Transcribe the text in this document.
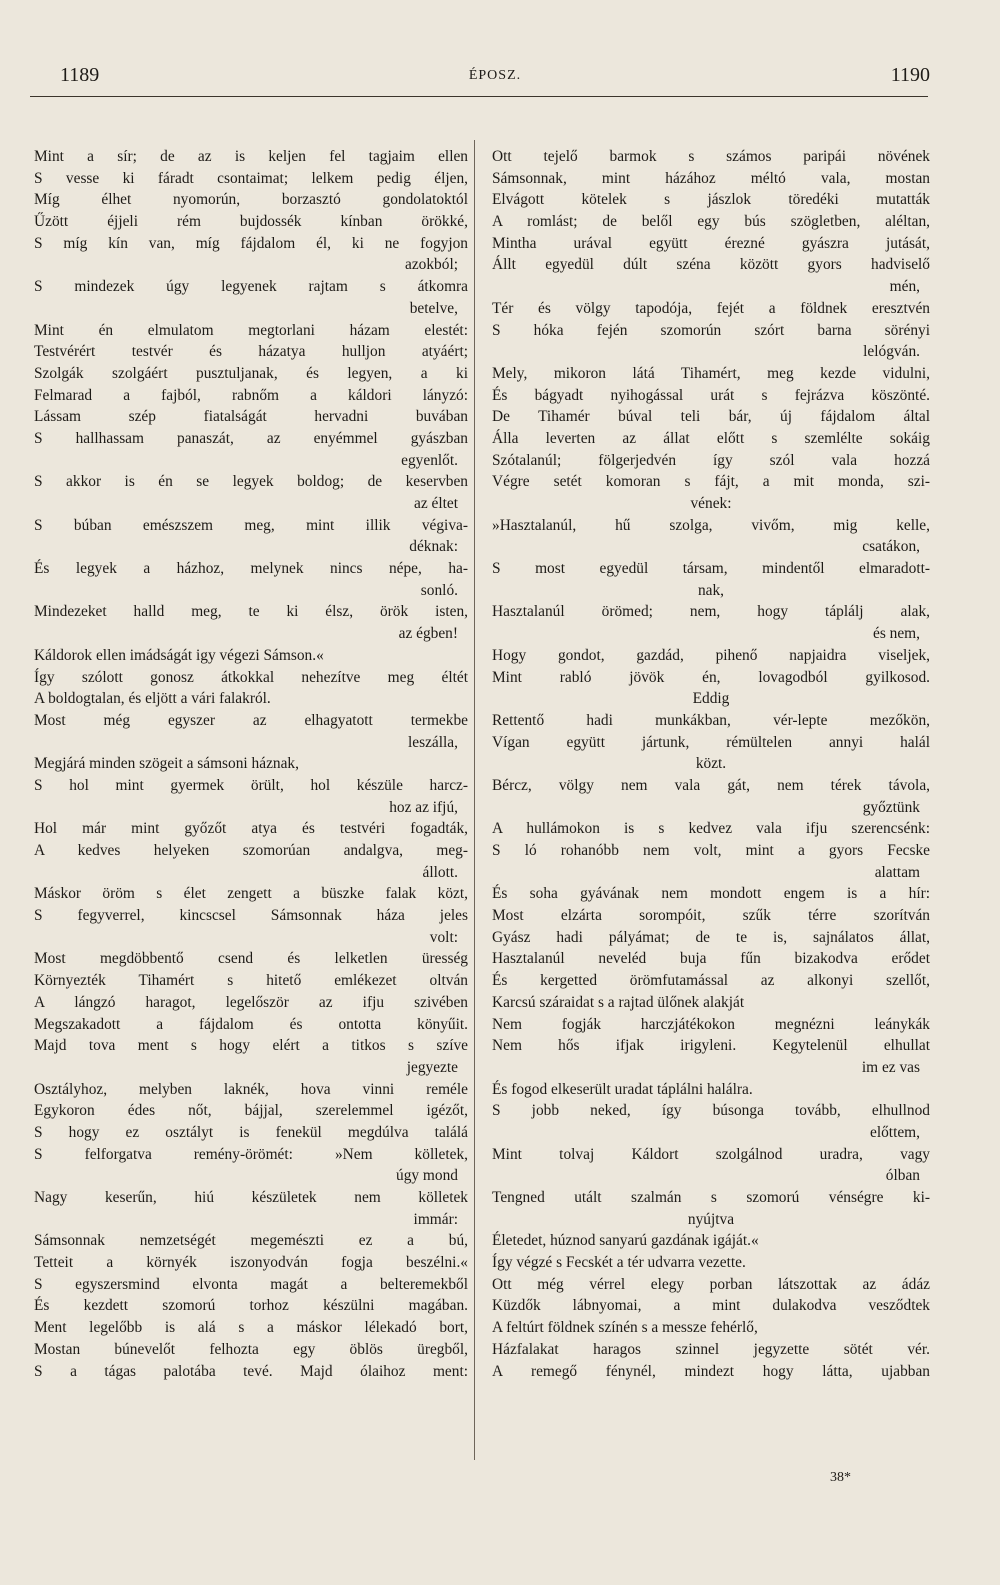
1189	ÉPOSZ.	1190
Mint a sír; de az is keljen fel tagjaim ellen
S vesse ki fáradt csontaimat; lelkem pedig éljen,
Míg élhet nyomorún, borzasztó gondolatoktól
Űzött éjjeli rém bujdossék kínban örökké,
S míg kín van, míg fájdalom él, ki ne fogyjon
azokból;
S mindezek úgy legyenek rajtam s átkomra
betelve,
Mint én elmulatom megtorlani házam elestét:
Testvérért testvér és házatya hulljon atyáért;
Szolgák szolgáért pusztuljanak, és legyen, a ki
Felmarad a fajból, rabnőm a káldori lányzó:
Lássam szép fiatalságát hervadni buvában
S hallhassam panaszát, az enyémmel gyászban
egyenlőt.
S akkor is én se legyek boldog; de keservben
az éltet
S búban emészszem meg, mint illik végiva-
déknak:
És legyek a házhoz, melynek nincs népe, ha-
sonló.
Mindezeket halld meg, te ki élsz, örök isten,
az égben!
Káldorok ellen imádságát igy végezi Sámson.«
Így szólott gonosz átkokkal nehezítve meg éltét
A boldogtalan, és eljött a vári falakról.
Most még egyszer az elhagyatott termekbe
leszálla,
Megjárá minden szögeit a sámsoni háznak,
S hol mint gyermek örült, hol készüle harcz-
hoz az ifjú,
Hol már mint győzőt atya és testvéri fogadták,
A kedves helyeken szomorúan andalgva, meg-
állott.
Máskor öröm s élet zengett a büszke falak közt,
S fegyverrel, kincscsel Sámsonnak háza jeles
volt:
Most megdöbbentő csend és lelketlen üresség
Környezték Tihamért s hitető emlékezet oltván
A lángzó haragot, legelőször az ifju szivében
Megszakadott a fájdalom és ontotta könyűit.
Majd tova ment s hogy elért a titkos s szíve
jegyezte
Osztályhoz, melyben laknék, hova vinni reméle
Egykoron édes nőt, bájjal, szerelemmel igézőt,
S hogy ez osztályt is fenekül megdúlva találá
S felforgatva remény-örömét: »Nem kölletek,
úgy mond
Nagy keserűn, hiú készületek nem kölletek
immár:
Sámsonnak nemzetségét megemészti ez a bú,
Tetteit a környék iszonyodván fogja beszélni.«
S egyszersmind elvonta magát a belteremekből
És kezdett szomorú torhoz készülni magában.
Ment legelőbb is alá s a máskor lélekadó bort,
Mostan búnevelőt felhozta egy öblös üregből,
S a tágas palotába tevé. Majd ólaihoz ment:
Ott tejelő barmok s számos paripái növének
Sámsonnak, mint házához méltó vala, mostan
Elvágott kötelek s jászlok töredéki mutatták
A romlást; de belől egy bús szögletben, aléltan,
Mintha urával együtt érezné gyászra jutását,
Állt egyedül dúlt széna között gyors hadviselő
mén,
Tér és völgy tapodója, fejét a földnek eresztvén
S hóka fején szomorún szórt barna sörényi
lelógván.
Mely, mikoron látá Tihamért, meg kezde vidulni,
És bágyadt nyihogással urát s fejrázva köszönté.
De Tihamér búval teli bár, új fájdalom által
Álla leverten az állat előtt s szemlélte sokáig
Szótalanúl; fölgerjedvén így szól vala hozzá
Végre setét komoran s fájt, a mit monda, szi-
vének:
»Hasztalanúl, hű szolga, vivőm, mig kelle,
csatákon,
S most egyedül társam, mindentől elmaradott-
nak,
Hasztalanúl örömed; nem, hogy táplálj alak,
és nem,
Hogy gondot, gazdád, pihenő napjaidra viseljek,
Mint rabló jövök én, lovagodból gyilkosod.
Eddig
Rettentő hadi munkákban, vér-lepte mezőkön,
Vígan együtt jártunk, rémültelen annyi halál
közt.
Bércz, völgy nem vala gát, nem térek távola,
győztünk
A hullámokon is s kedvez vala ifju szerencsénk:
S ló rohanóbb nem volt, mint a gyors Fecske
alattam
És soha gyávának nem mondott engem is a hír:
Most elzárta sorompóit, szűk térre szorítván
Gyász hadi pályámat; de te is, sajnálatos állat,
Hasztalanúl neveléd buja fűn bizakodva erődet
És kergetted örömfutamással az alkonyi szellőt,
Karcsú száraidat s a rajtad ülőnek alakját
Nem fogják harczjátékokon megnézni leánykák
Nem hős ifjak irigyleni. Kegytelenül elhullat
im ez vas
És fogod elkeserült uradat táplálni halálra.
S jobb neked, így búsonga tovább, elhullnod
előttem,
Mint tolvaj Káldort szolgálnod uradra, vagy
ólban
Tengned utált szalmán s szomorú vénségre ki-
nyújtva
Életedet, húznod sanyarú gazdának igáját.«
Így végzé s Fecskét a tér udvarra vezette.
Ott még vérrel elegy porban látszottak az ádáz
Küzdők lábnyomai, a mint dulakodva vesződtek
A feltúrt földnek színén s a messze fehérlő,
Házfalakat haragos szinnel jegyzette sötét vér.
A remegő fénynél, mindezt hogy látta, ujabban
38*
